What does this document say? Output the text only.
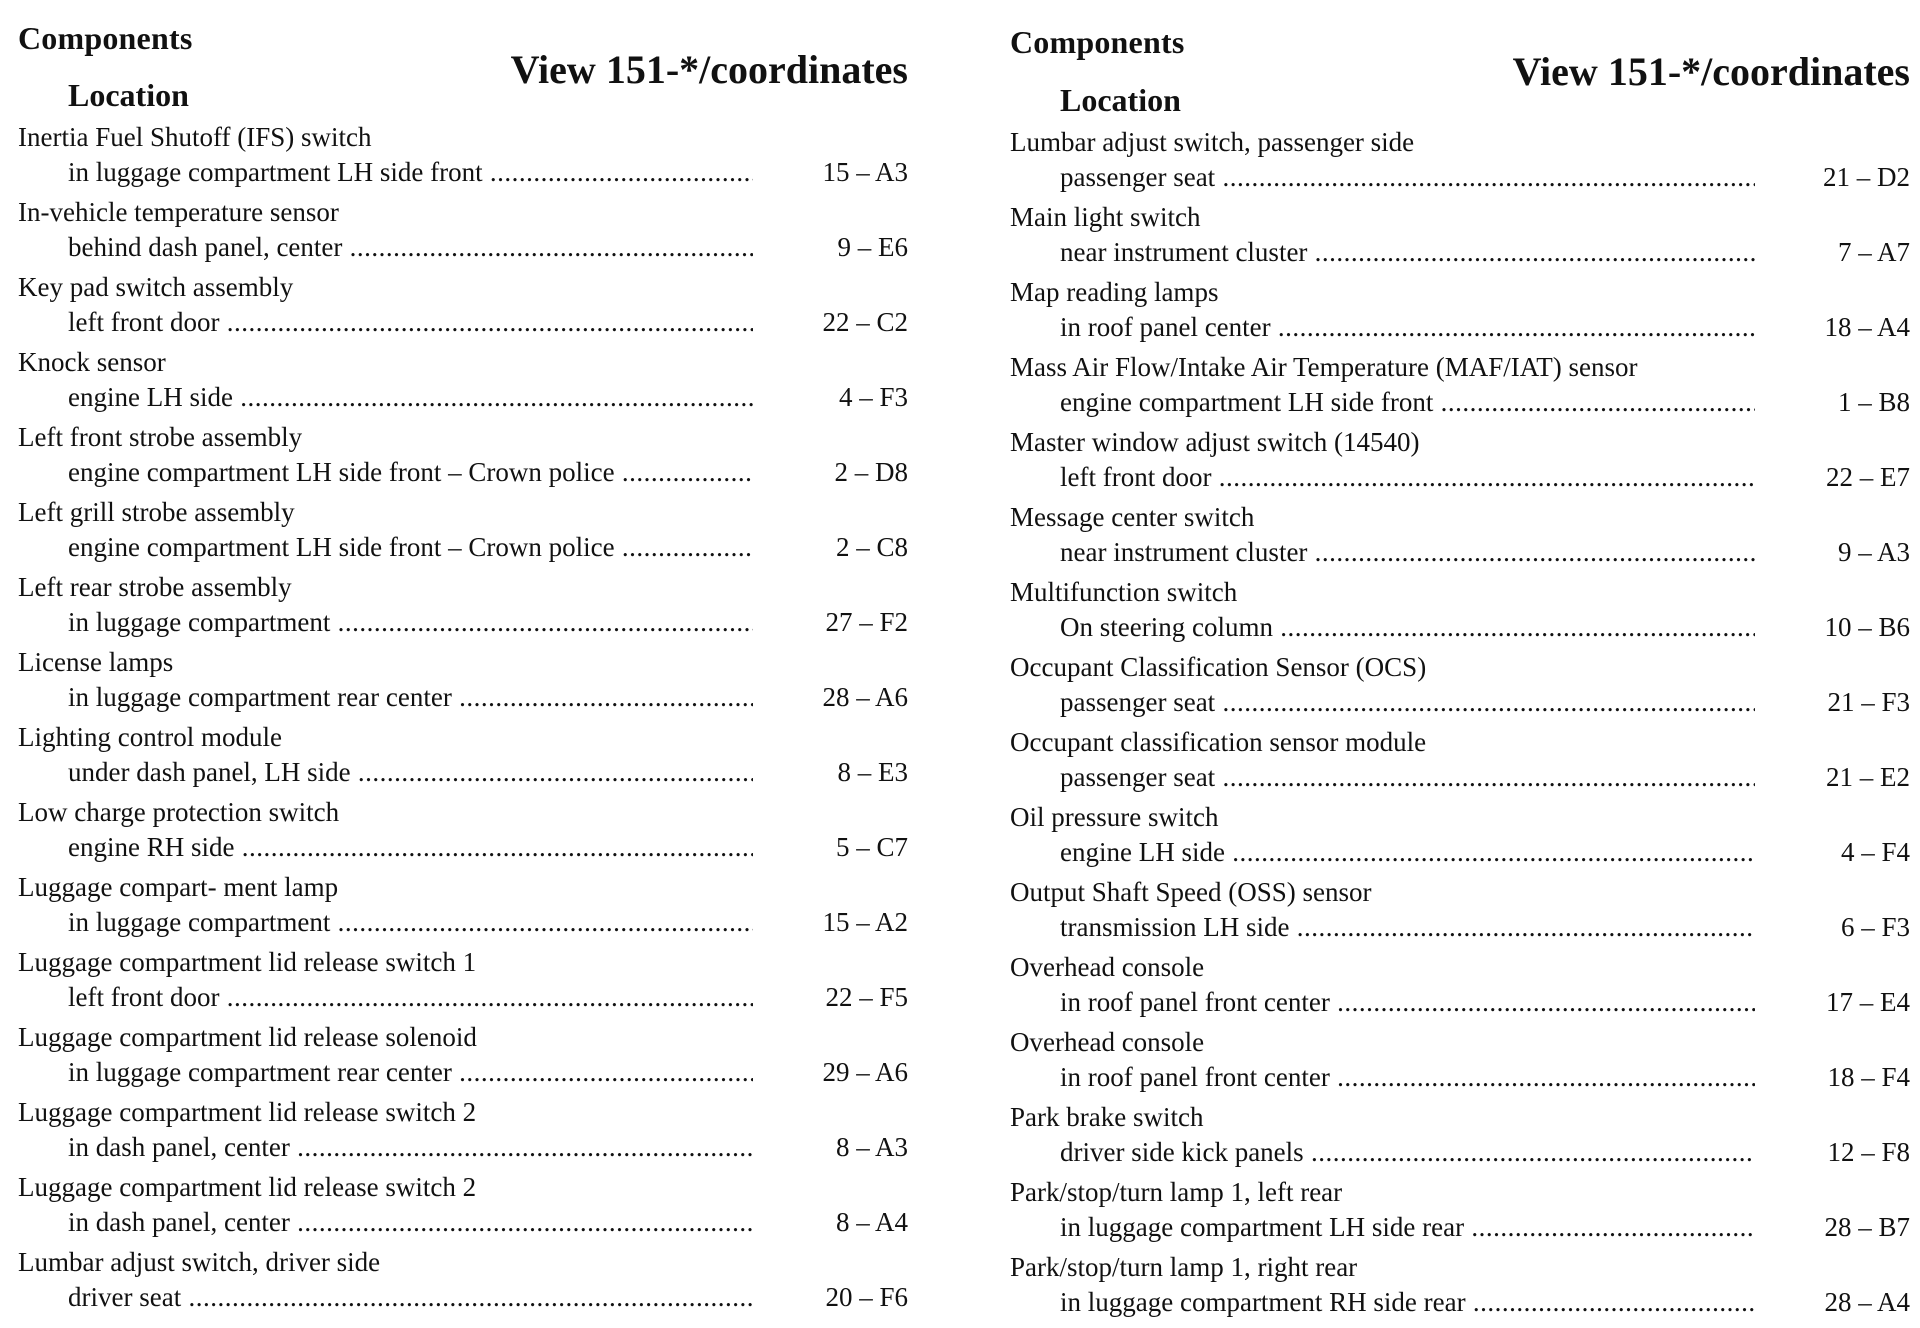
Components
Location
View 151-*/coordinates
Inertia Fuel Shutoff (IFS) switch
in luggage compartment LH side front .....	15 – A3
In-vehicle temperature sensor
behind dash panel, center .....	9 – E6
Key pad switch assembly
left front door .....	22 – C2
Knock sensor
engine LH side .....	4 – F3
Left front strobe assembly
engine compartment LH side front – Crown police .....	2 – D8
Left grill strobe assembly
engine compartment LH side front – Crown police .....	2 – C8
Left rear strobe assembly
in luggage compartment .....	27 – F2
License lamps
in luggage compartment rear center .....	28 – A6
Lighting control module
under dash panel, LH side .....	8 – E3
Low charge protection switch
engine RH side .....	5 – C7
Luggage compart- ment lamp
in luggage compartment .....	15 – A2
Luggage compartment lid release switch 1
left front door .....	22 – F5
Luggage compartment lid release solenoid
in luggage compartment rear center .....	29 – A6
Luggage compartment lid release switch 2
in dash panel, center .....	8 – A3
Luggage compartment lid release switch 2
in dash panel, center .....	8 – A4
Lumbar adjust switch, driver side
driver seat .....	20 – F6
Components
Location
View 151-*/coordinates
Lumbar adjust switch, passenger side
passenger seat .....	21 – D2
Main light switch
near instrument cluster .....	7 – A7
Map reading lamps
in roof panel center .....	18 – A4
Mass Air Flow/Intake Air Temperature (MAF/IAT) sensor
engine compartment LH side front .....	1 – B8
Master window adjust switch (14540)
left front door .....	22 – E7
Message center switch
near instrument cluster .....	9 – A3
Multifunction switch
On steering column .....	10 – B6
Occupant Classification Sensor (OCS)
passenger seat .....	21 – F3
Occupant classification sensor module
passenger seat .....	21 – E2
Oil pressure switch
engine LH side .....	4 – F4
Output Shaft Speed (OSS) sensor
transmission LH side .....	6 – F3
Overhead console
in roof panel front center .....	17 – E4
Overhead console
in roof panel front center .....	18 – F4
Park brake switch
driver side kick panels .....	12 – F8
Park/stop/turn lamp 1, left rear
in luggage compartment LH side rear .....	28 – B7
Park/stop/turn lamp 1, right rear
in luggage compartment RH side rear .....	28 – A4
